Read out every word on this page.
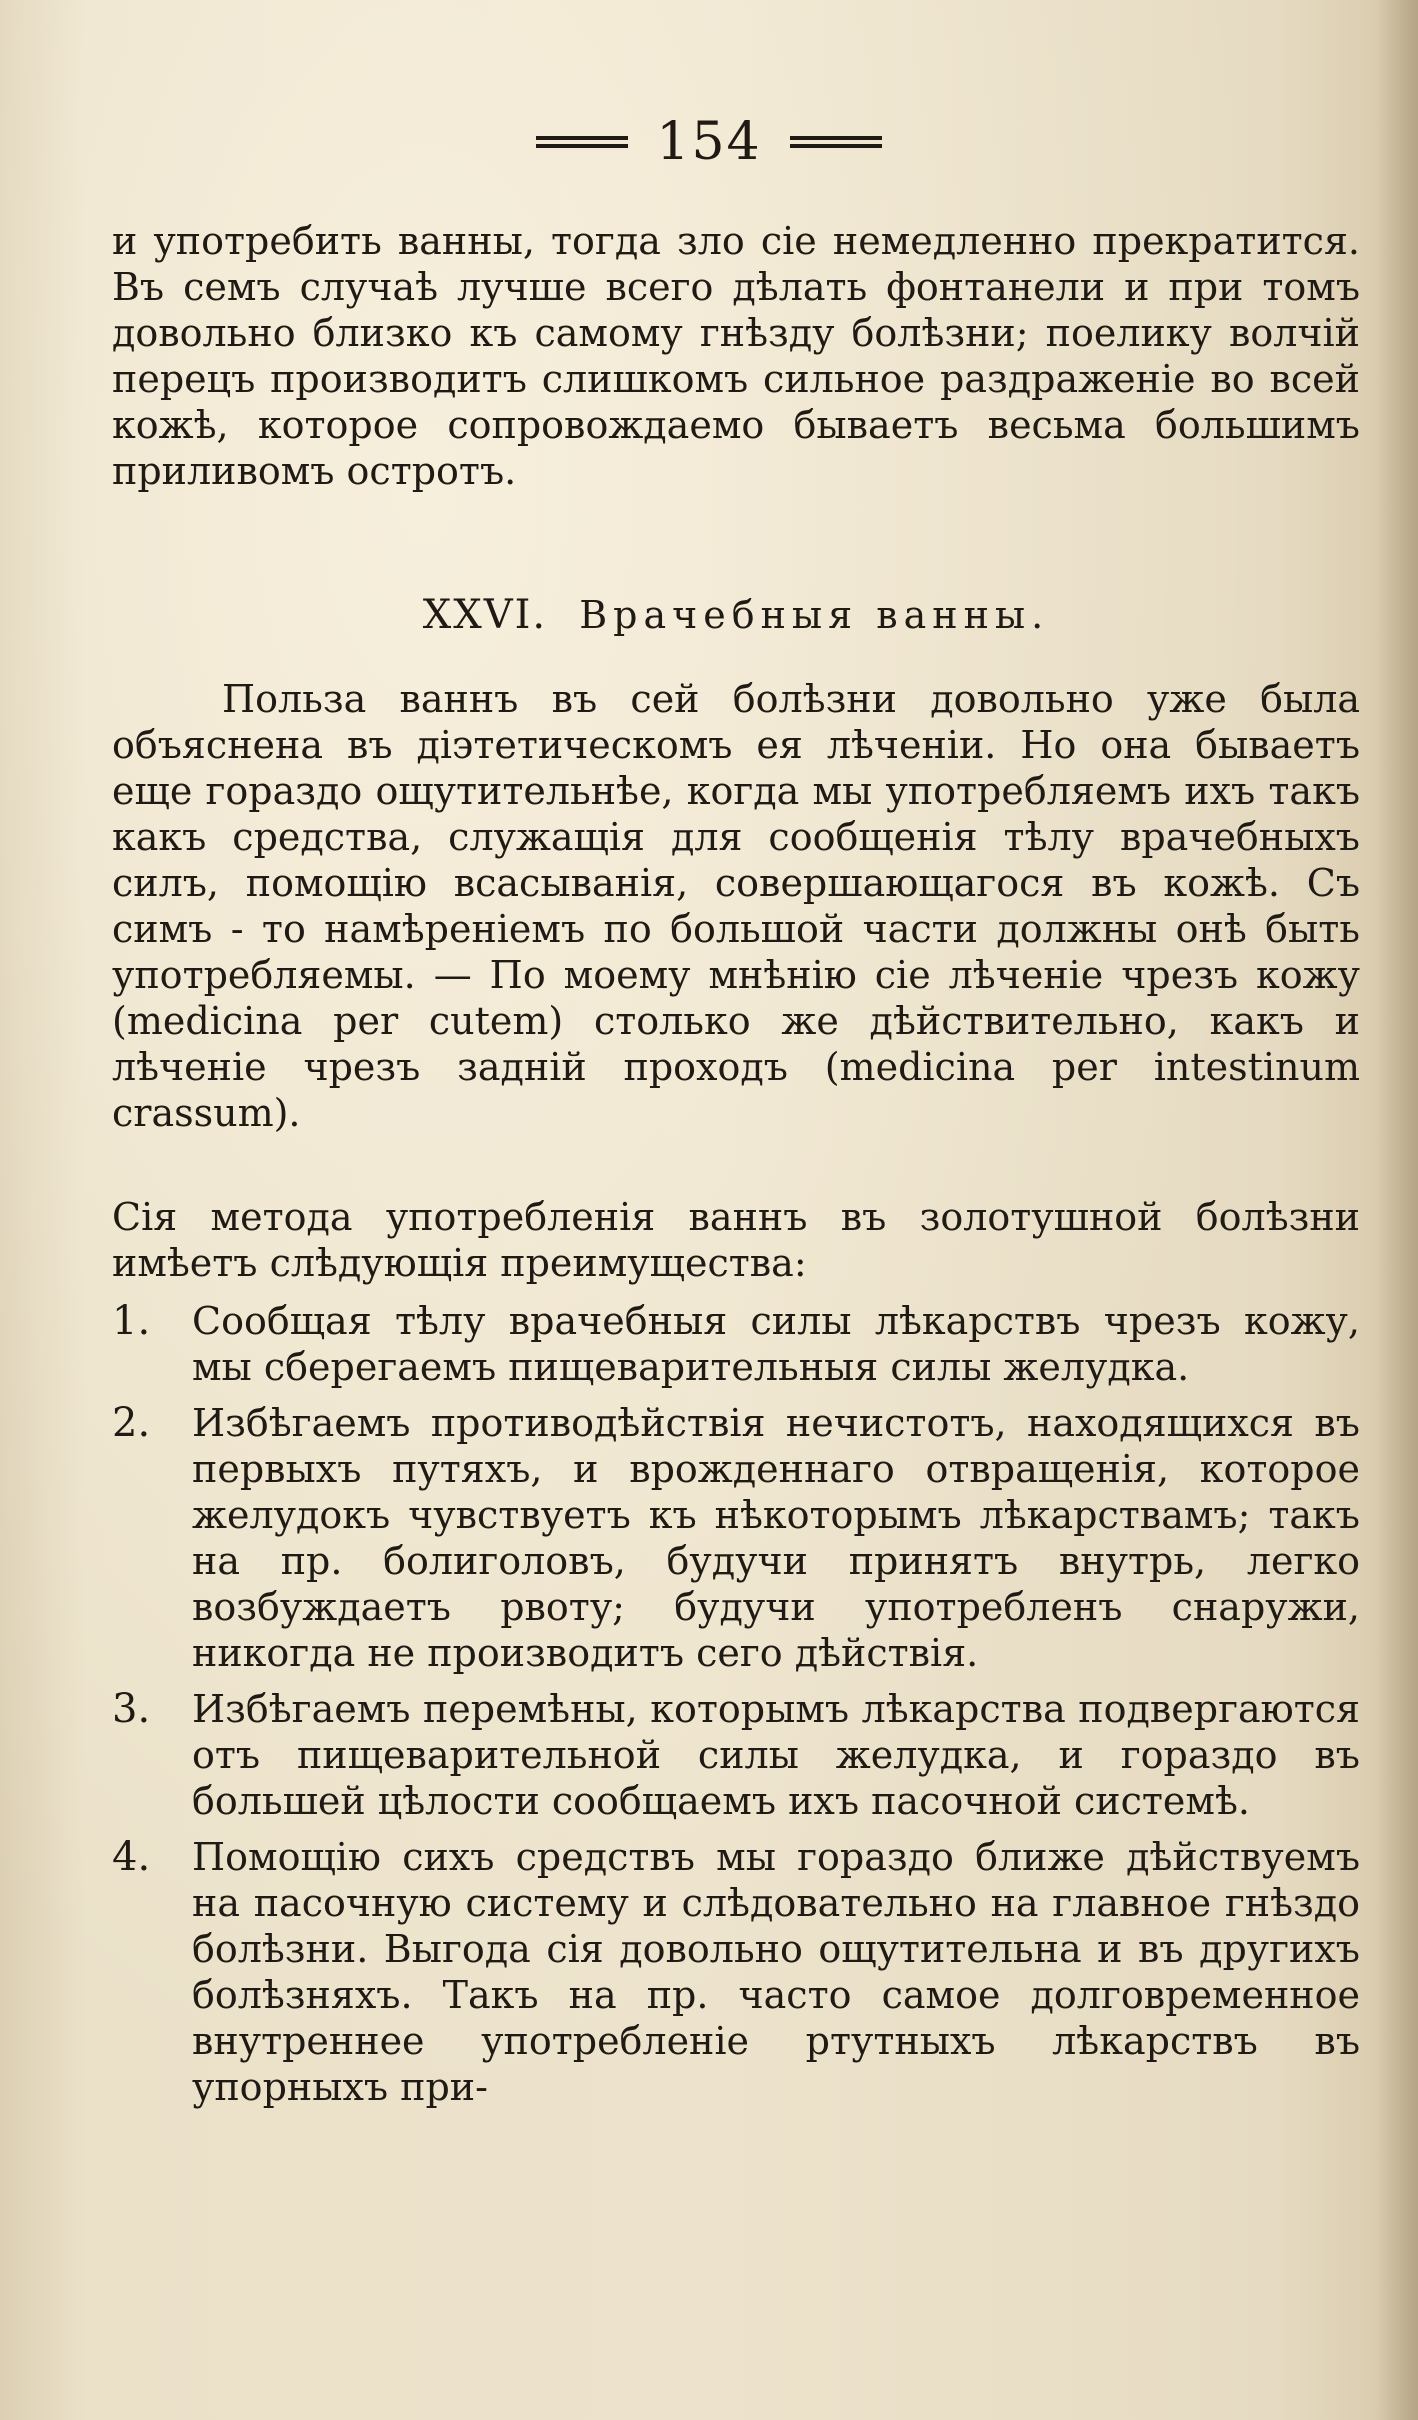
154
и употребить ванны, тогда зло сіе немедленно прекратится. Въ семъ случаѣ лучше всего дѣлать фонтанели и при томъ довольно близко къ самому гнѣзду болѣзни; поелику волчій перецъ производитъ слишкомъ сильное раздраженіе во всей кожѣ, которое сопровождаемо бываетъ весьма большимъ приливомъ остротъ.
XXVI. Врачебныя ванны.
Польза ваннъ въ сей болѣзни довольно уже была объяснена въ діэтетическомъ ея лѣченіи. Но она бываетъ еще гораздо ощутительнѣе, когда мы употребляемъ ихъ такъ какъ средства, служащія для сообщенія тѣлу врачебныхъ силъ, помощію всасыванія, совершающагося въ кожѣ. Съ симъ - то намѣреніемъ по большой части должны онѣ быть употребляемы. — По моему мнѣнію сіе лѣченіе чрезъ кожу (medicina per cutem) столько же дѣйствительно, какъ и лѣченіе чрезъ задній проходъ (medicina per intestinum crassum).
Сія метода употребленія ваннъ въ золотушной болѣзни имѣетъ слѣдующія преимущества:
1.	Сообщая тѣлу врачебныя силы лѣкарствъ чрезъ кожу, мы сберегаемъ пищеварительныя силы желудка.
2.	Избѣгаемъ противодѣйствія нечистотъ, находящихся въ первыхъ путяхъ, и врожденнаго отвращенія, которое желудокъ чувствуетъ къ нѣкоторымъ лѣкарствамъ; такъ на пр. болиголовъ, будучи принятъ внутрь, легко возбуждаетъ рвоту; будучи употребленъ снаружи, никогда не производитъ сего дѣйствія.
3.	Избѣгаемъ перемѣны, которымъ лѣкарства подвергаются отъ пищеварительной силы желудка, и гораздо въ большей цѣлости сообщаемъ ихъ пасочной системѣ.
4.	Помощію сихъ средствъ мы гораздо ближе дѣйствуемъ на пасочную систему и слѣдовательно на главное гнѣздо болѣзни. Выгода сія довольно ощутительна и въ другихъ болѣзняхъ. Такъ на пр. часто самое долговременное внутреннее употребленіе ртутныхъ лѣкарствъ въ упорныхъ при-
